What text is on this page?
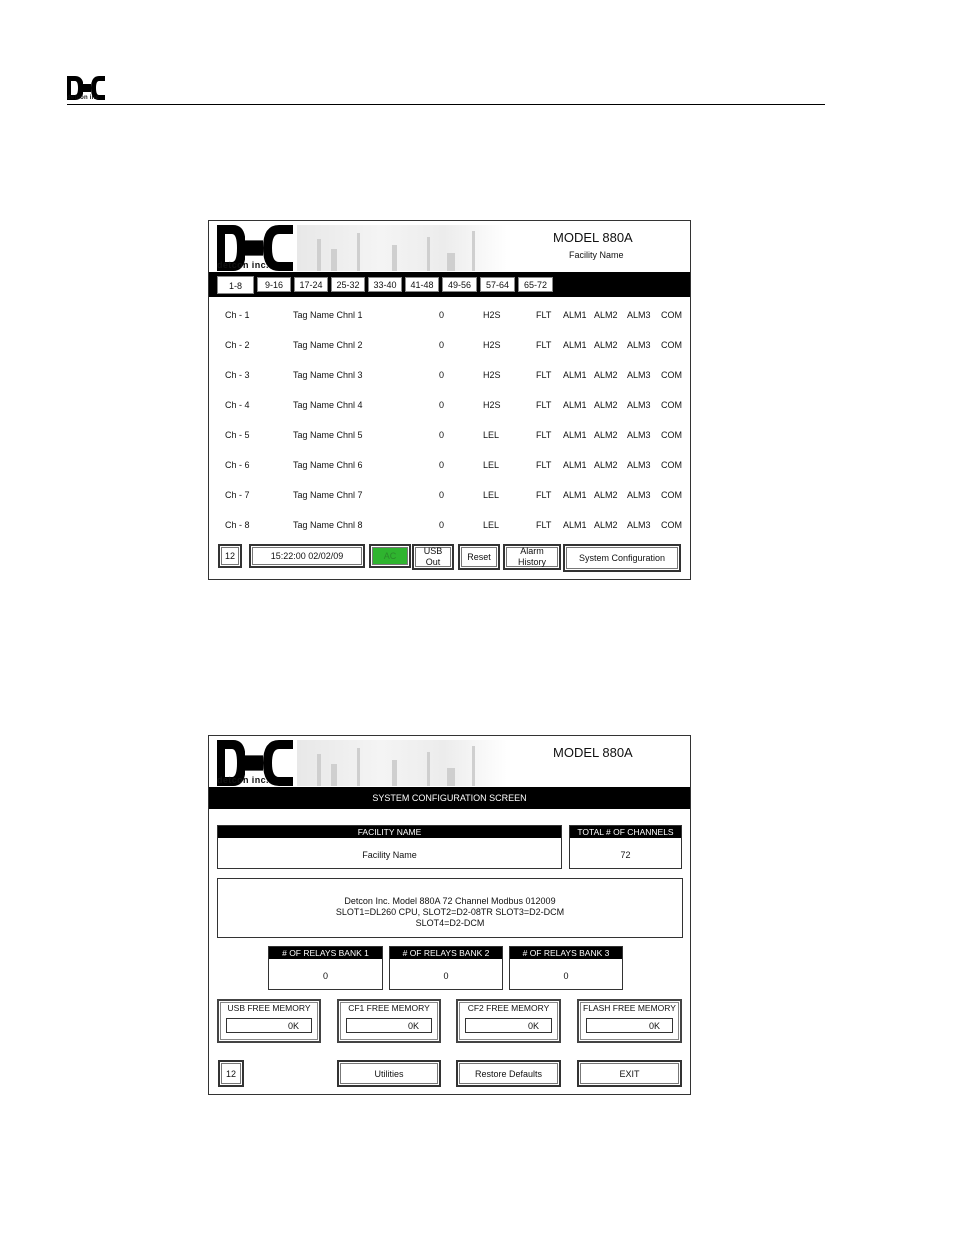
detcon inc
detcon inc.
MODEL 880A
Facility Name
1-8	9-16	17-24	25-32	33-40	41-48	49-56	57-64	65-72
Ch - 1	Tag Name Chnl 1	0	H2S	FLT ALM1 ALM2 ALM3 COM
Ch - 2	Tag Name Chnl 2	0	H2S	FLT ALM1 ALM2 ALM3 COM
Ch - 3	Tag Name Chnl 3	0	H2S	FLT ALM1 ALM2 ALM3 COM
Ch - 4	Tag Name Chnl 4	0	H2S	FLT ALM1 ALM2 ALM3 COM
Ch - 5	Tag Name Chnl 5	0	LEL	FLT ALM1 ALM2 ALM3 COM
Ch - 6	Tag Name Chnl 6	0	LEL	FLT ALM1 ALM2 ALM3 COM
Ch - 7	Tag Name Chnl 7	0	LEL	FLT ALM1 ALM2 ALM3 COM
Ch - 8	Tag Name Chnl 8	0	LEL	FLT ALM1 ALM2 ALM3 COM
12	15:22:00 02/02/09	AC	USB
Out	Reset
Alarm
History	System Configuration
detcon inc.
MODEL 880A
SYSTEM CONFIGURATION SCREEN
FACILITY NAME
Facility Name
TOTAL # OF CHANNELS
72
Detcon Inc. Model 880A 72 Channel Modbus 012009
SLOT1=DL260 CPU, SLOT2=D2-08TR SLOT3=D2-DCM
SLOT4=D2-DCM
# OF RELAYS BANK 1
0
# OF RELAYS BANK 2
0
# OF RELAYS BANK 3
0
USB FREE MEMORY
0K
CF1 FREE MEMORY
0K
CF2 FREE MEMORY
0K
FLASH FREE MEMORY
0K
12	Utilities	Restore Defaults	EXIT
